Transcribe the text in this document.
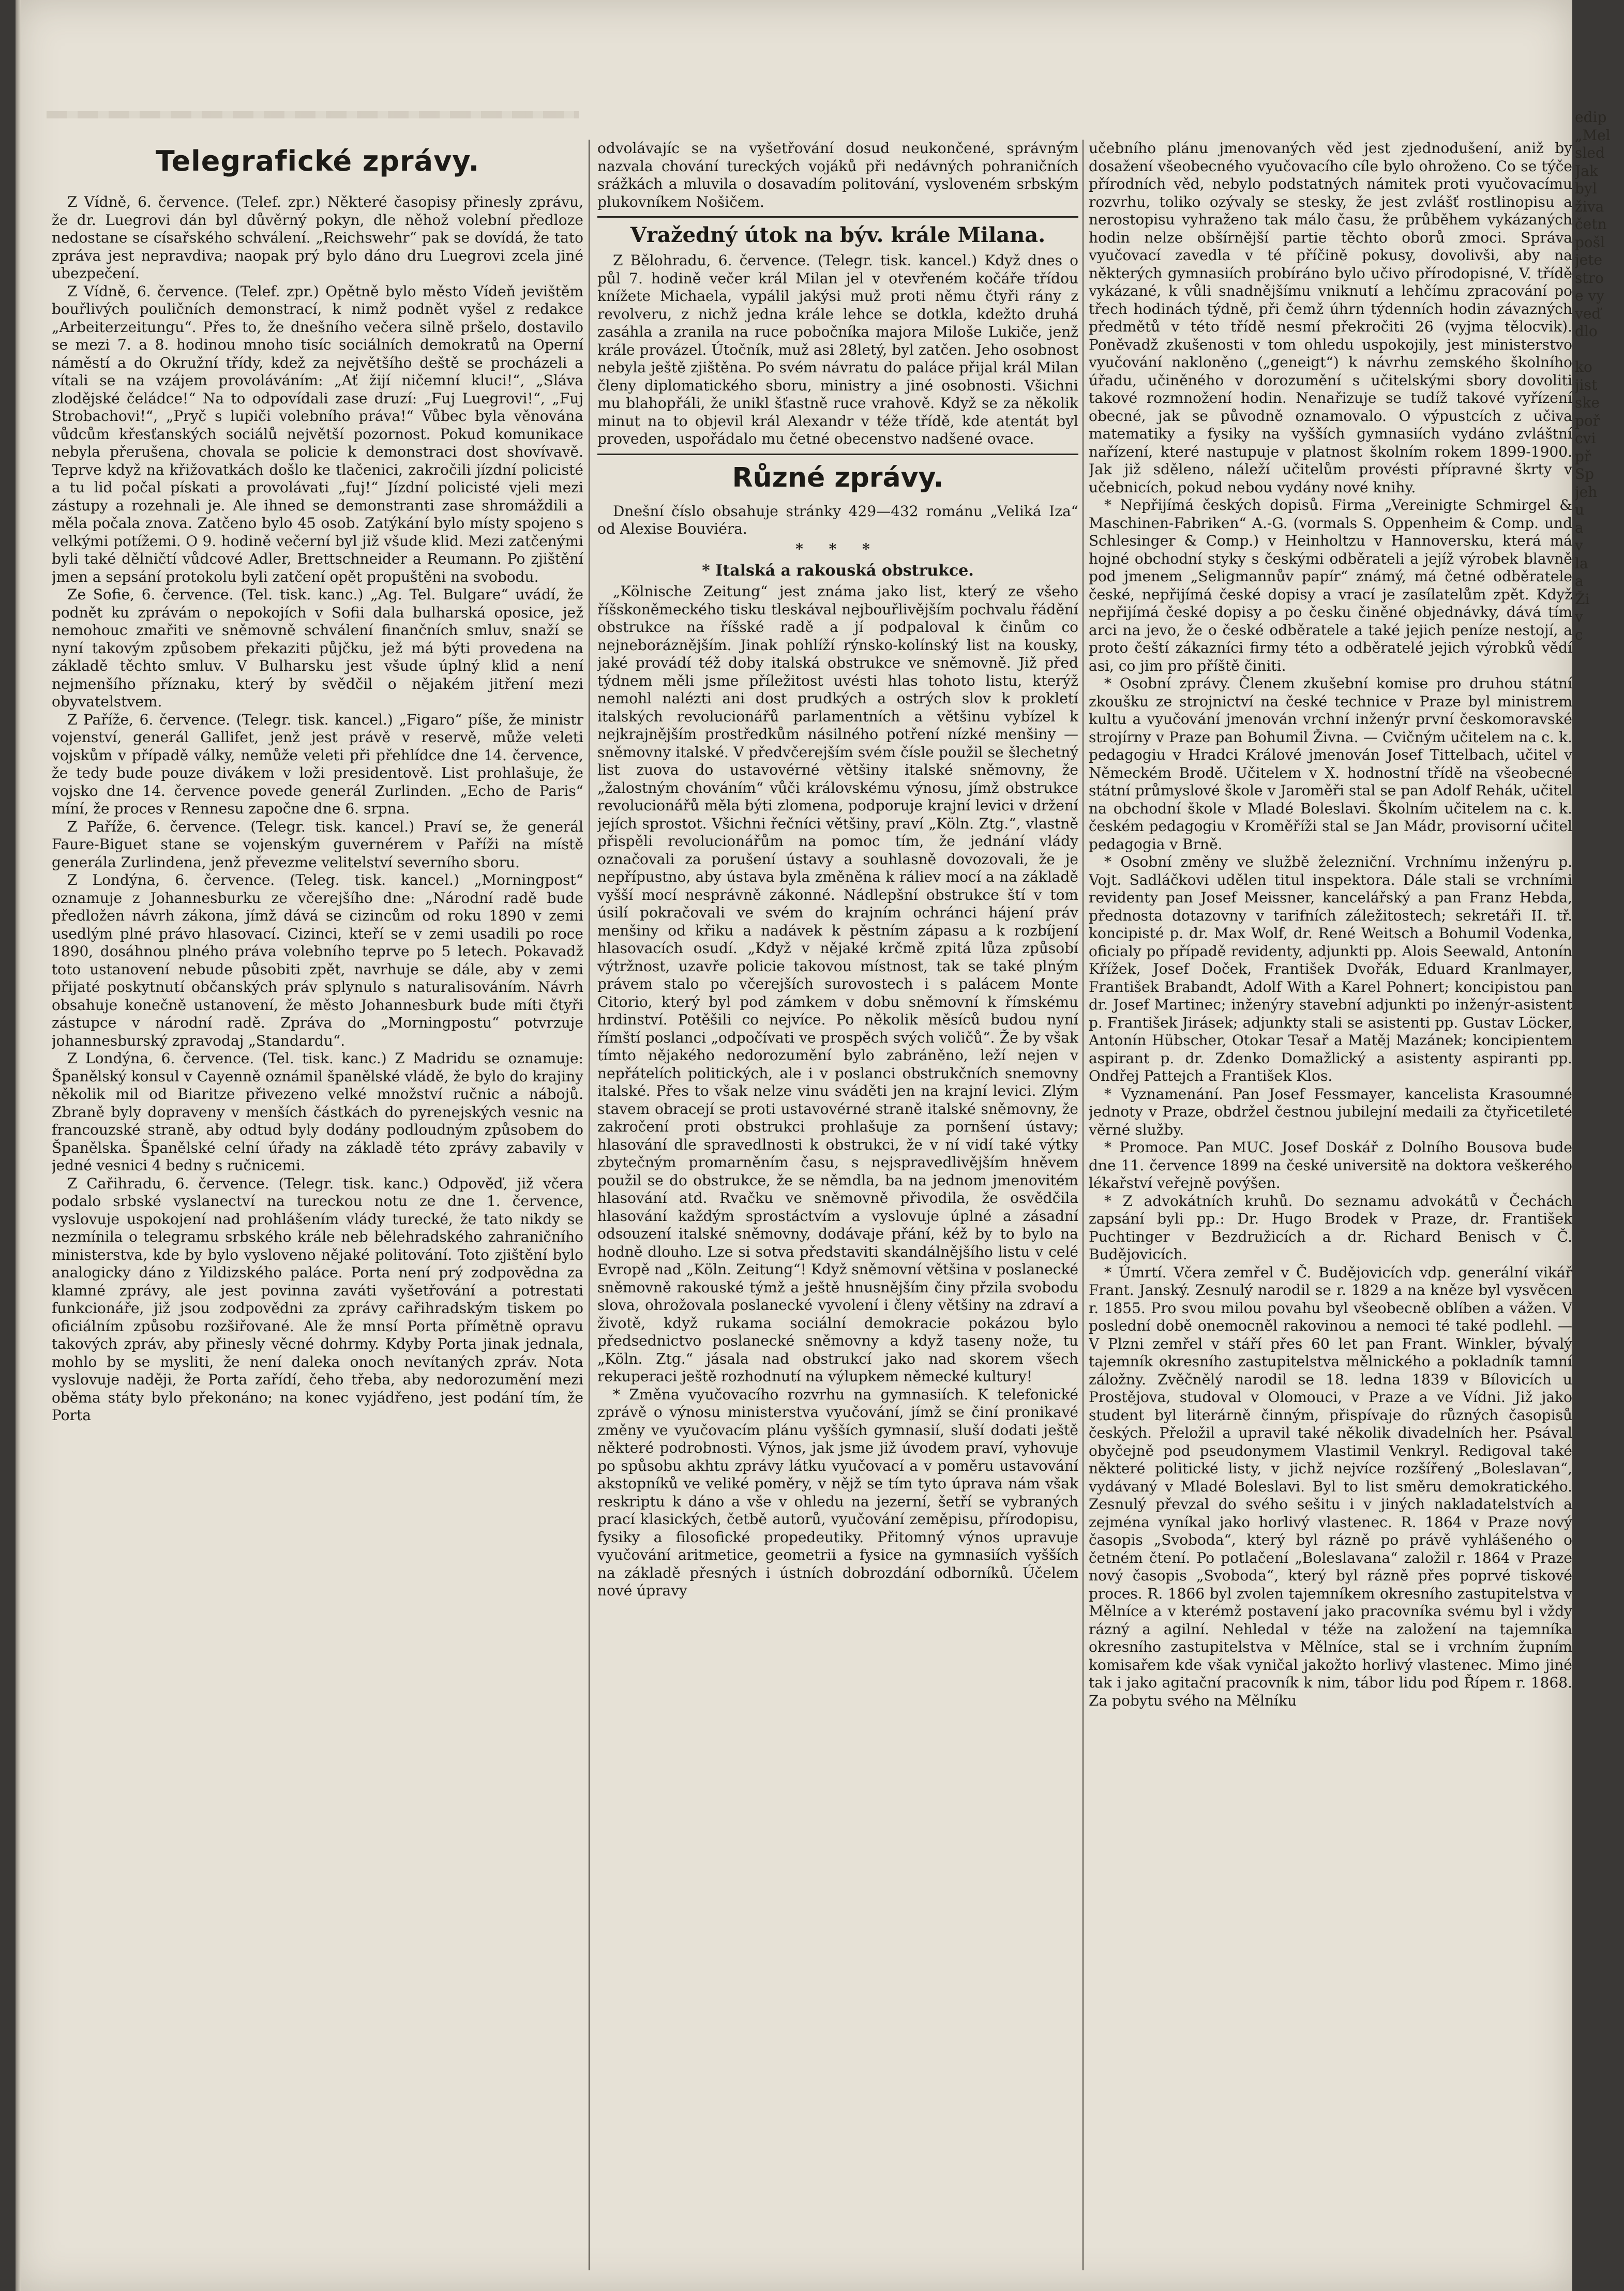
Telegrafické zprávy.

Z Vídně, 6. července. (Telef. zpr.) Některé časopisy přinesly zprávu, že dr. Luegrovi dán byl důvěrný pokyn, dle něhož volební předloze nedostane se císařského schválení. „Reichswehr“ pak se dovídá, že tato zpráva jest nepravdiva; naopak prý bylo dáno dru Luegrovi zcela jiné ubezpečení.

Z Vídně, 6. července. (Telef. zpr.) Opětně bylo město Vídeň jevištěm bouřlivých pouličních demonstrací, k nimž podnět vyšel z redakce „Arbeiterzeitungu“. Přes to, že dnešního večera silně pršelo, dostavilo se mezi 7. a 8. hodinou mnoho tisíc sociálních demokratů na Operní náměstí a do Okružní třídy, kdež za největšího deště se procházeli a vítali se na vzájem provoláváním: „Ať žijí ničemní kluci!“, „Sláva zlodějské čeládce!“ Na to odpovídali zase druzí: „Fuj Luegrovi!“, „Fuj Strobachovi!“, „Pryč s lupiči volebního práva!“ Vůbec byla věnována vůdcům křesťanských sociálů největší pozornost. Pokud komunikace nebyla přerušena, chovala se policie k demonstraci dost shovívavě. Teprve když na křižovatkách došlo ke tlačenici, zakročili jízdní policisté a tu lid počal pískati a provolávati „fuj!“ Jízdní policisté vjeli mezi zástupy a rozehnali je. Ale ihned se demonstranti zase shromáždili a měla počala znova. Zatčeno bylo 45 osob. Zatýkání bylo místy spojeno s velkými potížemi. O 9. hodině večerní byl již všude klid. Mezi zatčenými byli také dělničtí vůdcové Adler, Brettschneider a Reumann. Po zjištění jmen a sepsání protokolu byli zatčení opět propuštěni na svobodu.

Ze Sofie, 6. července. (Tel. tisk. kanc.) „Ag. Tel. Bulgare“ uvádí, že podnět ku zprávám o nepokojích v Sofii dala bulharská oposice, jež nemohouc zmařiti ve sněmovně schválení finančních smluv, snaží se nyní takovým způsobem překaziti půjčku, jež má býti provedena na základě těchto smluv. V Bulharsku jest všude úplný klid a není nejmenšího příznaku, který by svědčil o nějakém jitření mezi obyvatelstvem.

Z Paříže, 6. července. (Telegr. tisk. kancel.) „Figaro“ píše, že ministr vojenství, generál Gallifet, jenž jest právě v reservě, může veleti vojskům v případě války, nemůže veleti při přehlídce dne 14. července, že tedy bude pouze divákem v loži presidentově. List prohlašuje, že vojsko dne 14. července povede generál Zurlinden. „Echo de Paris“ míní, že proces v Rennesu započne dne 6. srpna.

Z Paříže, 6. července. (Telegr. tisk. kancel.) Praví se, že generál Faure-Biguet stane se vojenským guvernérem v Paříži na místě generála Zurlindena, jenž převezme velitelství severního sboru.

Z Londýna, 6. července. (Teleg. tisk. kancel.) „Morningpost“ oznamuje z Johannesburku ze včerejšího dne: „Národní radě bude předložen návrh zákona, jímž dává se cizincům od roku 1890 v zemi usedlým plné právo hlasovací. Cizinci, kteří se v zemi usadili po roce 1890, dosáhnou plného práva volebního teprve po 5 letech. Pokavadž toto ustanovení nebude působiti zpět, navrhuje se dále, aby v zemi přijaté poskytnutí občanských práv splynulo s naturalisováním. Návrh obsahuje konečně ustanovení, že město Johannesburk bude míti čtyři zástupce v národní radě. Zpráva do „Morningpostu“ potvrzuje johannesburský zpravodaj „Standardu“.

Z Londýna, 6. července. (Tel. tisk. kanc.) Z Madridu se oznamuje: Španělský konsul v Cayenně oznámil španělské vládě, že bylo do krajiny několik mil od Biaritze přivezeno velké množství ručnic a nábojů. Zbraně byly dopraveny v menších částkách do pyrenejských vesnic na francouzské straně, aby odtud byly dodány podloudným způsobem do Španělska. Španělské celní úřady na základě této zprávy zabavily v jedné vesnici 4 bedny s ručnicemi.

Z Cařihradu, 6. července. (Telegr. tisk. kanc.) Odpověď, již včera podalo srbské vyslanectví na tureckou notu ze dne 1. července, vyslovuje uspokojení nad prohlášením vlády turecké, že tato nikdy se nezmínila o telegramu srbského krále neb bělehradského zahraničního ministerstva, kde by bylo vysloveno nějaké politování. Toto zjištění bylo analogicky dáno z Yildizského paláce. Porta není prý zodpovědna za klamné zprávy, ale jest povinna zaváti vyšetřování a potrestati funkcionáře, již jsou zodpovědni za zprávy cařihradským tiskem po oficiálním způsobu rozšiřované. Ale že mnsí Porta přímětně opravu takových zpráv, aby přinesly věcné dohrmy. Kdyby Porta jinak jednala, mohlo by se mysliti, že není daleka onoch nevítaných zpráv. Nota vyslovuje naději, že Porta zařídí, čeho třeba, aby nedorozumění mezi oběma státy bylo překonáno; na konec vyjádřeno, jest podání tím, že Porta

odvolávajíc se na vyšetřování dosud neukončené, správným nazvala chování tureckých vojáků při nedávných pohraničních srážkách a mluvila o dosavadím politování, vysloveném srbským plukovníkem Nošičem.

Vražedný útok na býv. krále Milana.

Z Bělohradu, 6. července. (Telegr. tisk. kancel.) Když dnes o půl 7. hodině večer král Milan jel v otevřeném kočáře třídou knížete Michaela, vypálil jakýsi muž proti němu čtyři rány z revolveru, z nichž jedna krále lehce se dotkla, kdežto druhá zasáhla a zranila na ruce pobočníka majora Miloše Lukiče, jenž krále provázel. Útočník, muž asi 28letý, byl zatčen. Jeho osobnost nebyla ještě zjištěna. Po svém návratu do paláce přijal král Milan členy diplomatického sboru, ministry a jiné osobnosti. Všichni mu blahopřáli, že unikl šťastně ruce vrahově. Když se za několik minut na to objevil král Alexandr v téže třídě, kde atentát byl proveden, uspořádalo mu četné obecenstvo nadšené ovace.

Různé zprávy.

Dnešní číslo obsahuje stránky 429—432 románu „Veliká Iza“ od Alexise Bouviéra.

* * *
* Italská a rakouská obstrukce.

„Kölnische Zeitung“ jest známa jako list, který ze všeho říšskoněmeckého tisku tleskával nejbouřlivějším pochvalu řádění obstrukce na říšské radě a jí podpaloval k činům co nejneboráznějším. Jinak pohlíží rýnsko-kolínský list na kousky, jaké provádí též doby italská obstrukce ve sněmovně. Již před týdnem měli jsme příležitost uvésti hlas tohoto listu, kterýž nemohl nalézti ani dost prudkých a ostrých slov k prokletí italských revolucionářů parlamentních a většinu vybízel k nejkrajnějším prostředkům násilného potření nízké menšiny — sněmovny italské. V předvčerejším svém čísle použil se šlechetný list zuova do ustavovérné většiny italské sněmovny, že „žalostným chováním“ vůči královskému výnosu, jímž obstrukce revolucionářů měla býti zlomena, podporuje krajní levici v držení jejích sprostot. Všichni řečníci většiny, praví „Köln. Ztg.“, vlastně přispěli revolucionářům na pomoc tím, že jednání vlády označovali za porušení ústavy a souhlasně dovozovali, že je nepřípustno, aby ústava byla změněna k ráliev mocí a na základě vyšší mocí nesprávně zákonné. Nádlepšní obstrukce ští v tom úsilí pokračovali ve svém do krajním ochránci hájení práv menšiny od křiku a nadávek k pěstním zápasu a k rozbíjení hlasovacích osudí. „Když v nějaké krčmě zpitá lůza způsobí výtržnost, uzavře policie takovou místnost, tak se také plným právem stalo po včerejších surovostech i s palácem Monte Citorio, který byl pod zámkem v dobu sněmovní k římskému hrdinství. Potěšili co nejvíce. Po několik měsíců budou nyní římští poslanci „odpočívati ve prospěch svých voličů“. Že by však tímto nějakého nedorozumění bylo zabráněno, leží nejen v nepřátelích politických, ale i v poslanci obstrukčních snemovny italské. Přes to však nelze vinu sváděti jen na krajní levici. Zlým stavem obracejí se proti ustavovérné straně italské sněmovny, že zakročení proti obstrukci prohlašuje za pornšení ústavy; hlasování dle spravedlnosti k obstrukci, že v ní vidí také výtky zbytečným promarněním času, s nejspravedlivějším hněvem použil se do obstrukce, že se němdla, ba na jednom jmenovitém hlasování atd. Rvačku ve sněmovně přivodila, že osvědčila hlasování každým sprostáctvím a vyslovuje úplné a zásadní odsouzení italské sněmovny, dodávaje přání, kéž by to bylo na hodně dlouho. Lze si sotva představiti skandálnějšího listu v celé Evropě nad „Köln. Zeitung“! Když sněmovní většina v poslanecké sněmovně rakouské týmž a ještě hnusnějším činy přzila svobodu slova, ohrožovala poslanecké vyvolení i členy většiny na zdraví a životě, když rukama sociální demokracie pokázou bylo předsednictvo poslanecké sněmovny a když taseny nože, tu „Köln. Ztg.“ jásala nad obstrukcí jako nad skorem všech rekuperaci ještě rozhodnutí na výlupkem německé kultury!

* Změna vyučovacího rozvrhu na gymnasiích. K telefonické zprávě o výnosu ministerstva vyučování, jímž se činí pronikavé změny ve vyučovacím plánu vyšších gymnasií, sluší dodati ještě některé podrobnosti. Výnos, jak jsme již úvodem praví, vyhovuje po spůsobu akhtu zprávy látku vyučovací a v poměru ustavování akstopníků ve veliké poměry, v nějž se tím tyto úprava nám však reskriptu k dáno a vše v ohledu na jezerní, šetří se vybraných prací klasických, četbě autorů, vyučování zeměpisu, přírodopisu, fysiky a filosofické propedeutiky. Přitomný výnos upravuje vyučování aritmetice, geometrii a fysice na gymnasiích vyšších na základě přesných i ústních dobrozdání odborníků. Účelem nové úpravy

učebního plánu jmenovaných věd jest zjednodušení, aniž by dosažení všeobecného vyučovacího cíle bylo ohroženo. Co se týče přírodních věd, nebylo podstatných námitek proti vyučovacímu rozvrhu, toliko ozývaly se stesky, že jest zvlášť rostlinopisu a nerostopisu vyhraženo tak málo času, že průběhem vykázaných hodin nelze obšírnější partie těchto oborů zmoci. Správa vyučovací zavedla v té příčině pokusy, dovolivši, aby na některých gymnasiích probíráno bylo učivo přírodopisné, V. třídě vykázané, k vůli snadnějšímu vniknutí a lehčímu zpracování po třech hodinách týdně, při čemž úhrn týdenních hodin závazných předmětů v této třídě nesmí překročiti 26 (vyjma tělocvik). Poněvadž zkušenosti v tom ohledu uspokojily, jest ministerstvo vyučování nakloněno („geneigt“) k návrhu zemského školního úřadu, učiněného v dorozumění s učitelskými sbory dovoliti takové rozmnožení hodin. Nenařizuje se tudíž takové vyřízení obecné, jak se původně oznamovalo. O výpustcích z učiva matematiky a fysiky na vyšších gymnasiích vydáno zvláštní nařízení, které nastupuje v platnost školním rokem 1899-1900. Jak již sděleno, náleží učitelům provésti přípravné škrty v učebnicích, pokud nebou vydány nové knihy.

* Nepřijímá českých dopisů. Firma „Vereinigte Schmirgel & Maschinen-Fabriken“ A.-G. (vormals S. Oppenheim & Comp. und Schlesinger & Comp.) v Heinholtzu v Hannoversku, která má hojné obchodní styky s českými odběrateli a jejíž výrobek blavně pod jmenem „Seligmannův papír“ známý, má četné odběratele české, nepřijímá české dopisy a vrací je zasílatelům zpět. Když nepřijímá české dopisy a po česku činěné objednávky, dává tím arci na jevo, že o české odběratele a také jejich peníze nestojí, a proto čeští zákazníci firmy této a odběratelé jejich výrobků vědí asi, co jim pro příště činiti.

* Osobní zprávy. Členem zkušební komise pro druhou státní zkoušku ze strojnictví na české technice v Praze byl ministrem kultu a vyučování jmenován vrchní inženýr první českomoravské strojírny v Praze pan Bohumil Živna. — Cvičným učitelem na c. k. pedagogiu v Hradci Králové jmenován Josef Tittelbach, učitel v Německém Brodě. Učitelem v X. hodnostní třídě na všeobecné státní průmyslové škole v Jaroměři stal se pan Adolf Rehák, učitel na obchodní škole v Mladé Boleslavi. Školním učitelem na c. k. českém pedagogiu v Kroměříži stal se Jan Mádr, provisorní učitel pedagogia v Brně.

* Osobní změny ve službě železniční. Vrchnímu inženýru p. Vojt. Sadláčkovi udělen titul inspektora. Dále stali se vrchními revidenty pan Josef Meissner, kancelářský a pan Franz Hebda, přednosta dotazovny v tarifních záležitostech; sekretáři II. tř. koncipisté p. dr. Max Wolf, dr. René Weitsch a Bohumil Vodenka, oficialy po případě revidenty, adjunkti pp. Alois Seewald, Antonín Křížek, Josef Doček, František Dvořák, Eduard Kranlmayer, František Brabandt, Adolf With a Karel Pohnert; koncipistou pan dr. Josef Martinec; inženýry stavební adjunkti po inženýr-asistent p. František Jirásek; adjunkty stali se asistenti pp. Gustav Löcker, Antonín Hübscher, Otokar Tesař a Matěj Mazánek; koncipientem aspirant p. dr. Zdenko Domažlický a asistenty aspiranti pp. Ondřej Pattejch a František Klos.

* Vyznamenání. Pan Josef Fessmayer, kancelista Krasoumné jednoty v Praze, obdržel čestnou jubilejní medaili za čtyřicetileté věrné služby.

* Promoce. Pan MUC. Josef Doskář z Dolního Bousova bude dne 11. července 1899 na české universitě na doktora veškerého lékařství veřejně povýšen.

* Z advokátních kruhů. Do seznamu advokátů v Čechách zapsání byli pp.: Dr. Hugo Brodek v Praze, dr. František Puchtinger v Bezdružicích a dr. Richard Benisch v Č. Budějovicích.

* Úmrtí. Včera zemřel v Č. Budějovicích vdp. generální vikář Frant. Janský. Zesnulý narodil se r. 1829 a na kněze byl vysvěcen r. 1855. Pro svou milou povahu byl všeobecně oblíben a vážen. V poslední době onemocněl rakovinou a nemoci té také podlehl. — V Plzni zemřel v stáří přes 60 let pan Frant. Winkler, bývalý tajemník okresního zastupitelstva mělnického a pokladník tamní záložny. Zvěčnělý narodil se 18. ledna 1839 v Bílovicích u Prostějova, studoval v Olomouci, v Praze a ve Vídni. Již jako student byl literárně činným, přispívaje do různých časopisů českých. Přeložil a upravil také několik divadelních her. Psával obyčejně pod pseudonymem Vlastimil Venkryl. Redigoval také některé politické listy, v jichž nejvíce rozšířený „Boleslavan“, vydávaný v Mladé Boleslavi. Byl to list směru demokratického. Zesnulý převzal do svého sešitu i v jiných nakladatelstvích a zejména vyníkal jako horlivý vlastenec. R. 1864 v Praze nový časopis „Svoboda“, který byl rázně po právě vyhlášeného o četném čtení. Po potlačení „Boleslavana“ založil r. 1864 v Praze nový časopis „Svoboda“, který byl rázně přes poprvé tiskové proces. R. 1866 byl zvolen tajemníkem okresního zastupitelstva v Mělníce a v kterémž postavení jako pracovníka svému byl i vždy rázný a agilní. Nehledal v téže na založení na tajemníka okresního zastupitelstva v Mělníce, stal se i vrchním župním komisařem kde však vyničal jakožto horlivý vlastenec. Mimo jiné tak i jako agitační pracovník k nim, tábor lidu pod Řípem r. 1868. Za pobytu svého na Mělníku

edip
„Mel
sled
Jak
byl
živa
četn
pošl
jete
stro
e vy
veď
dlo

ko
jist
ske
poř
cvi
př
Sp
jeh
u
a
v
la
a
Ži
v
c
